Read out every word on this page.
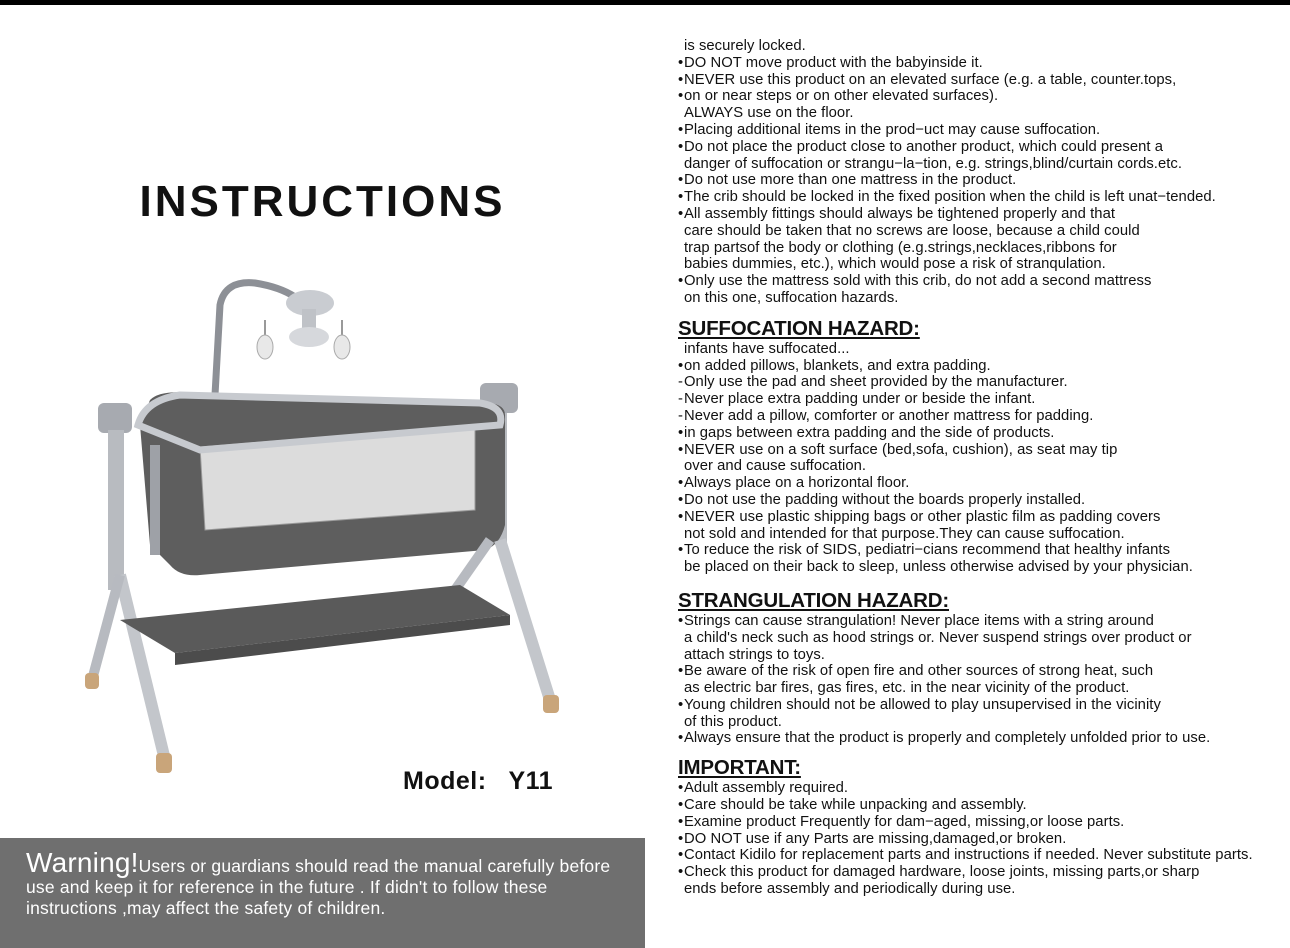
INSTRUCTIONS
Model: Y11
Warning!Users or guardians should read the manual carefully before use and keep it for reference in the future . If didn't to follow these instructions ,may affect the safety of children.
is securely locked.
•DO NOT move product with the babyinside it.
•NEVER use this product on an elevated surface (e.g. a table, counter.tops,
•on or near steps or on other elevated surfaces).
ALWAYS use on the floor.
•Placing additional items in the prod−uct may cause suffocation.
•Do not place the product close to another product, which could present a
danger of suffocation or strangu−la−tion, e.g. strings,blind/curtain cords.etc.
•Do not use more than one mattress in the product.
•The crib should be locked in the fixed position when the child is left unat−tended.
•All assembly fittings should always be tightened properly and that
care should be taken that no screws are loose, because a child could
trap partsof the body or clothing (e.g.strings,necklaces,ribbons for
babies dummies, etc.), which would pose a risk of stranqulation.
•Only use the mattress sold with this crib, do not add a second mattress
on this one, suffocation hazards.
SUFFOCATION HAZARD:
infants have suffocated...
•on added pillows, blankets, and extra padding.
-Only use the pad and sheet provided by the manufacturer.
-Never place extra padding under or beside the infant.
-Never add a pillow, comforter or another mattress for padding.
•in gaps between extra padding and the side of products.
•NEVER use on a soft surface (bed,sofa, cushion), as seat may tip
over and cause suffocation.
•Always place on a horizontal floor.
•Do not use the padding without the boards properly installed.
•NEVER use plastic shipping bags or other plastic film as padding covers
not sold and intended for that purpose.They can cause suffocation.
•To reduce the risk of SIDS, pediatri−cians recommend that healthy infants
be placed on their back to sleep, unless otherwise advised by your physician.
STRANGULATION HAZARD:
•Strings can cause strangulation! Never place items with a string around
a child's neck such as hood strings or. Never suspend strings over product or
attach strings to toys.
•Be aware of the risk of open fire and other sources of strong heat, such
as electric bar fires, gas fires, etc. in the near vicinity of the product.
•Young children should not be allowed to play unsupervised in the vicinity
of this product.
•Always ensure that the product is properly and completely unfolded prior to use.
IMPORTANT:
•Adult assembly required.
•Care should be take while unpacking and assembly.
•Examine product Frequently for dam−aged, missing,or loose parts.
•DO NOT use if any Parts are missing,damaged,or broken.
•Contact Kidilo for replacement parts and instructions if needed. Never substitute parts.
•Check this product for damaged hardware, loose joints, missing parts,or sharp
ends before assembly and periodically during use.
